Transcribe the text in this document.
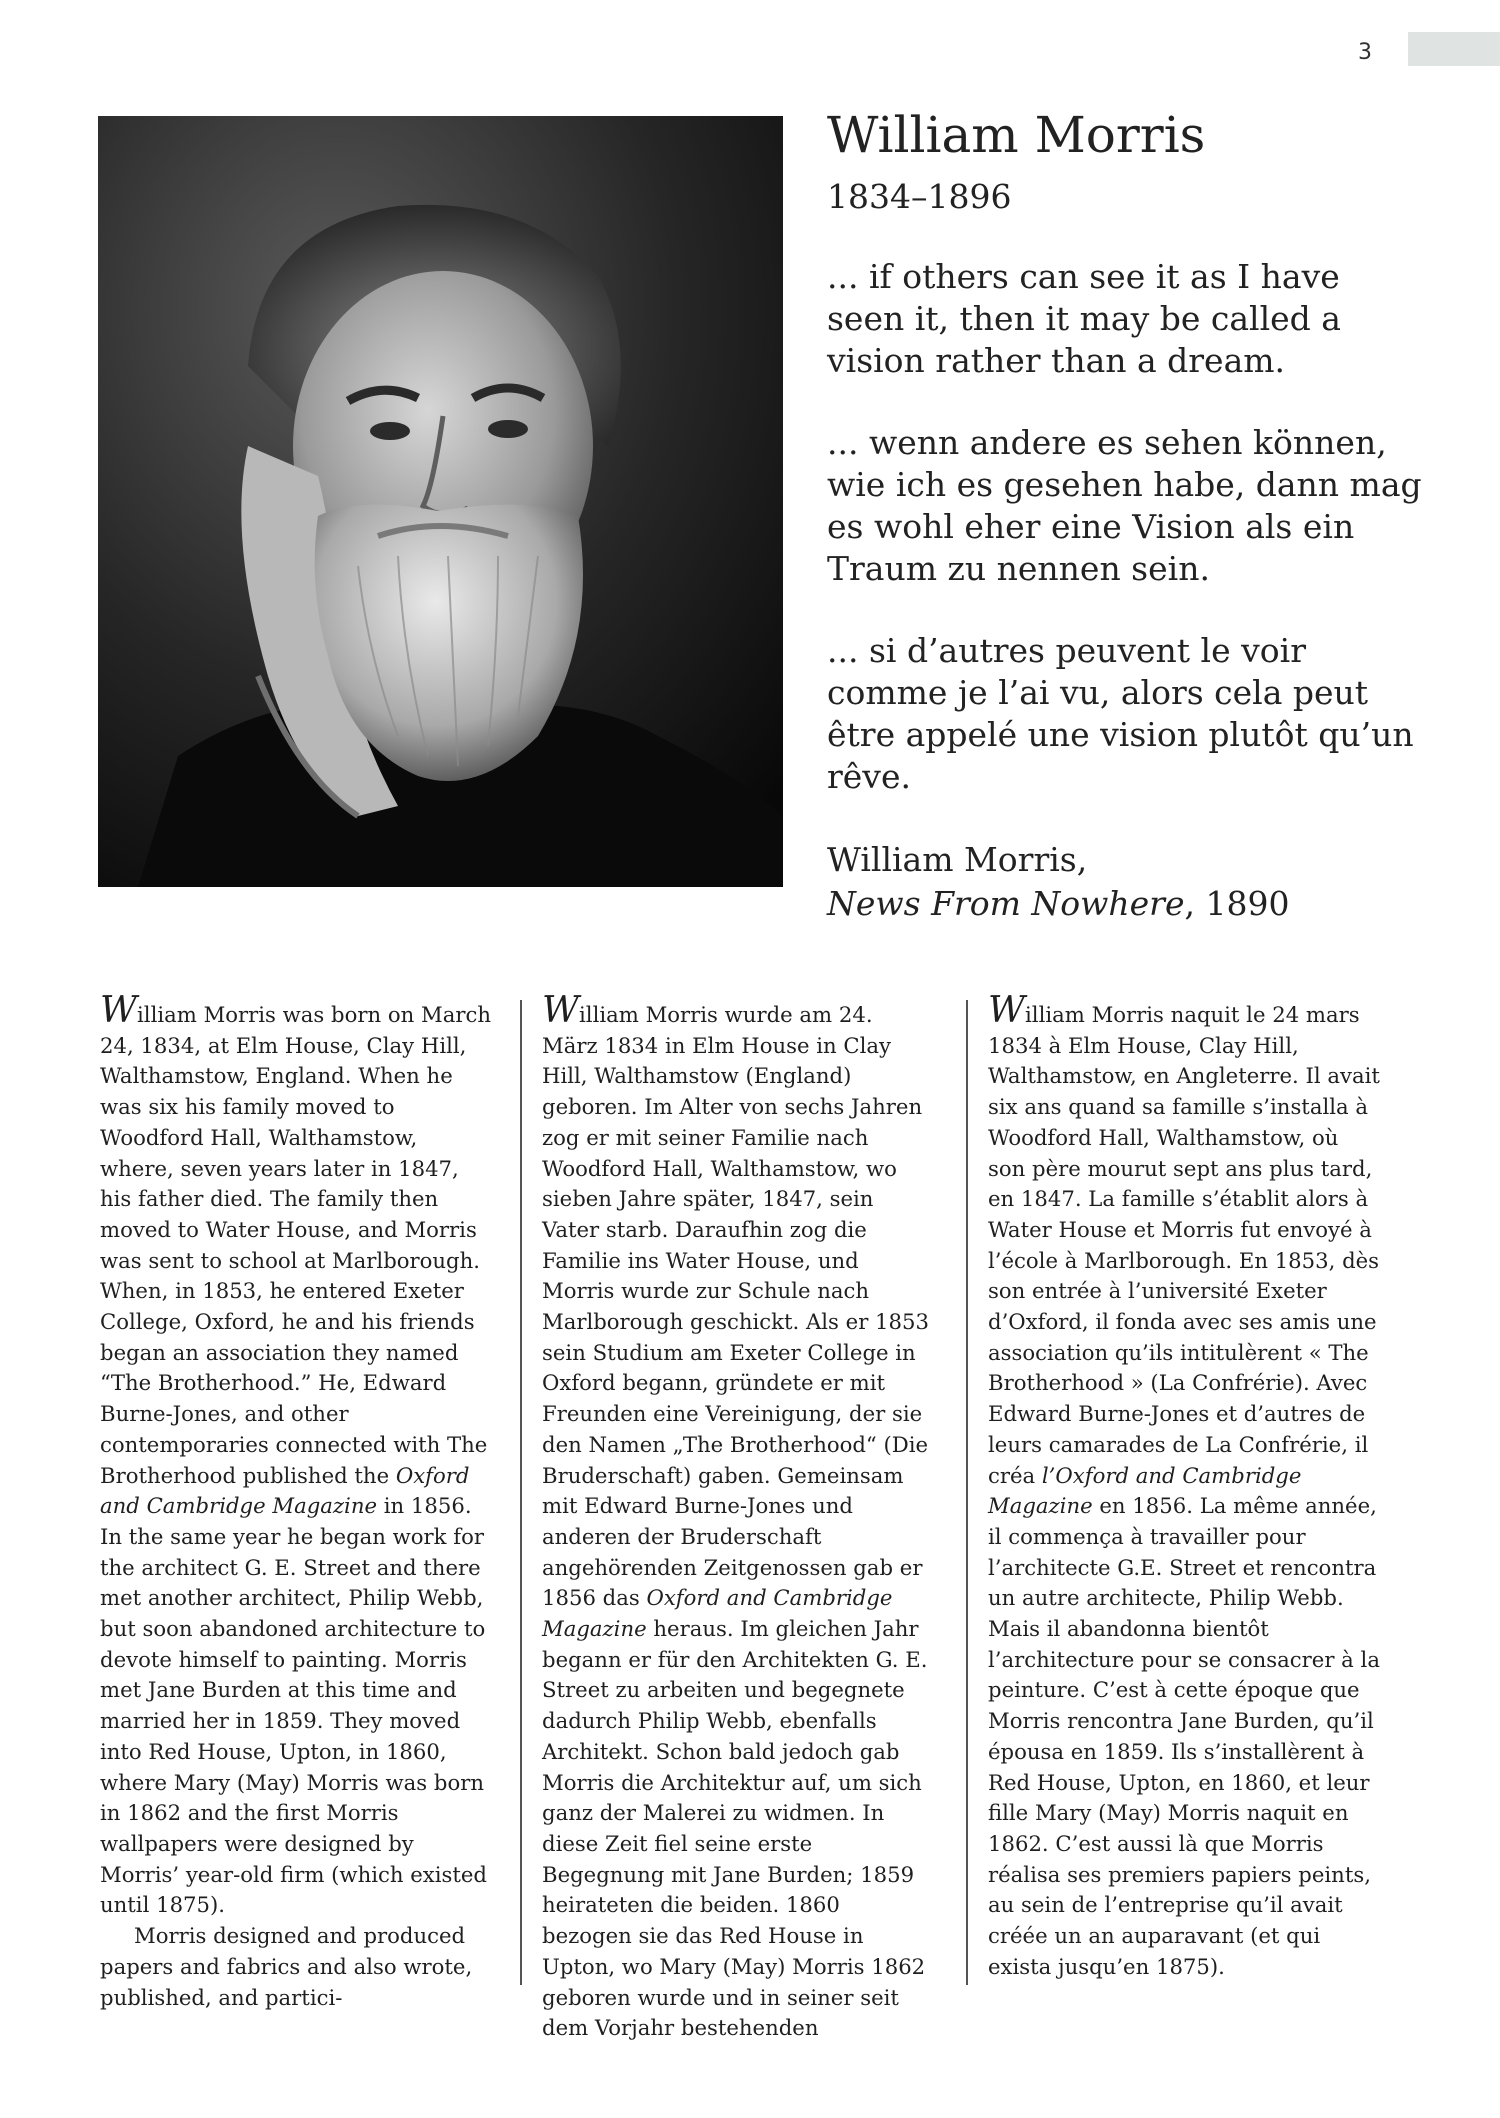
3
William Morris

1834–1896

... if others can see it as I have seen it, then it may be called a vision rather than a dream.

... wenn andere es sehen können, wie ich es gesehen habe, dann mag es wohl eher eine Vision als ein Traum zu nennen sein.

... si d’autres peuvent le voir comme je l’ai vu, alors cela peut être appelé une vision plutôt qu’un rêve.

William Morris,
News From Nowhere, 1890

William Morris was born on March 24, 1834, at Elm House, Clay Hill, Walthamstow, England. When he was six his family moved to Woodford Hall, Walthamstow, where, seven years later in 1847, his father died. The family then moved to Water House, and Morris was sent to school at Marlborough. When, in 1853, he entered Exeter College, Oxford, he and his friends began an association they named “The Brotherhood.” He, Edward Burne-Jones, and other contemporaries connected with The Brotherhood published the Oxford and Cambridge Magazine in 1856. In the same year he began work for the architect G. E. Street and there met another architect, Philip Webb, but soon abandoned architecture to devote himself to painting. Morris met Jane Burden at this time and married her in 1859. They moved into Red House, Upton, in 1860, where Mary (May) Morris was born in 1862 and the first Morris wallpapers were designed by Morris’ year-old firm (which existed until 1875).

Morris designed and produced papers and fabrics and also wrote, published, and partici-

William Morris wurde am 24. März 1834 in Elm House in Clay Hill, Walthamstow (England) geboren. Im Alter von sechs Jahren zog er mit seiner Familie nach Woodford Hall, Walthamstow, wo sieben Jahre später, 1847, sein Vater starb. Daraufhin zog die Familie ins Water House, und Morris wurde zur Schule nach Marlborough geschickt. Als er 1853 sein Studium am Exeter College in Oxford begann, gründete er mit Freunden eine Vereinigung, der sie den Namen „The Brotherhood“ (Die Bruderschaft) gaben. Gemeinsam mit Edward Burne-Jones und anderen der Bruderschaft angehörenden Zeitgenossen gab er 1856 das Oxford and Cambridge Magazine heraus. Im gleichen Jahr begann er für den Architekten G. E. Street zu arbeiten und begegnete dadurch Philip Webb, ebenfalls Architekt. Schon bald jedoch gab Morris die Architektur auf, um sich ganz der Malerei zu widmen. In diese Zeit fiel seine erste Begegnung mit Jane Burden; 1859 heirateten die beiden. 1860 bezogen sie das Red House in Upton, wo Mary (May) Morris 1862 geboren wurde und in seiner seit dem Vorjahr bestehenden

William Morris naquit le 24 mars 1834 à Elm House, Clay Hill, Walthamstow, en Angleterre. Il avait six ans quand sa famille s’installa à Woodford Hall, Walthamstow, où son père mourut sept ans plus tard, en 1847. La famille s’établit alors à Water House et Morris fut envoyé à l’école à Marlborough. En 1853, dès son entrée à l’université Exeter d’Oxford, il fonda avec ses amis une association qu’ils intitulèrent « The Brotherhood » (La Confrérie). Avec Edward Burne-Jones et d’autres de leurs camarades de La Confrérie, il créa l’Oxford and Cambridge Magazine en 1856. La même année, il commença à travailler pour l’architecte G.E. Street et rencontra un autre architecte, Philip Webb. Mais il abandonna bientôt l’architecture pour se consacrer à la peinture. C’est à cette époque que Morris rencontra Jane Burden, qu’il épousa en 1859. Ils s’installèrent à Red House, Upton, en 1860, et leur fille Mary (May) Morris naquit en 1862. C’est aussi là que Morris réalisa ses premiers papiers peints, au sein de l’entreprise qu’il avait créée un an auparavant (et qui exista jusqu’en 1875).
